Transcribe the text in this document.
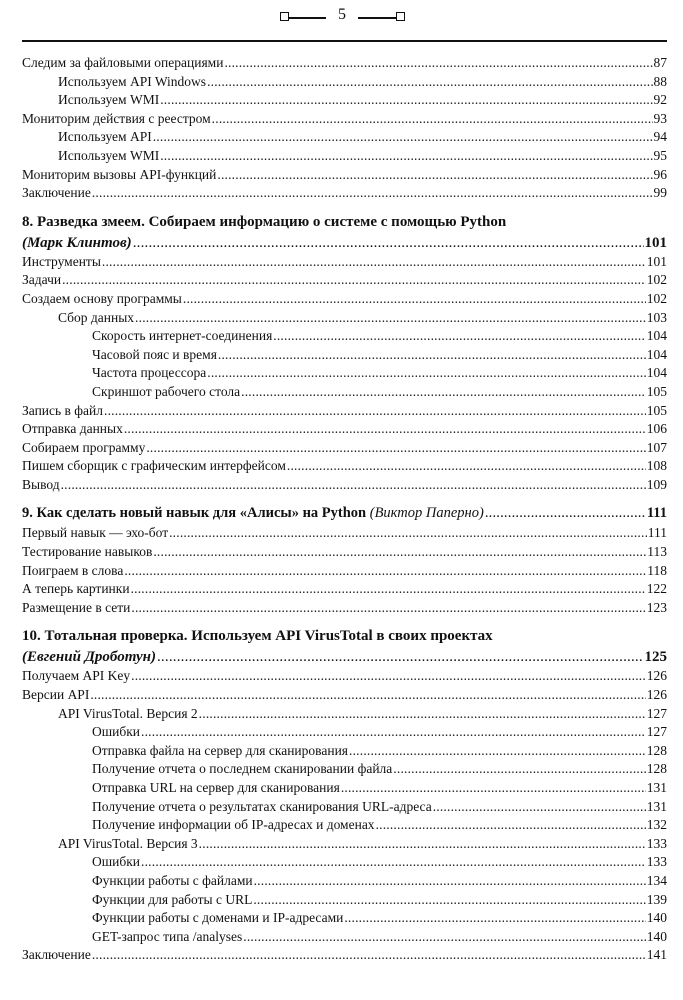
5
Следим за файловыми операциями .....	87
Используем API Windows .....	88
Используем WMI .....	92
Мониторим действия с реестром .....	93
Используем API .....	94
Используем WMI .....	95
Мониторим вызовы API-функций .....	96
Заключение .....	99
8. Разведка змеем. Собираем информацию о системе с помощью Python
(Марк Клинтов) .....	101
Инструменты .....	101
Задачи .....	102
Создаем основу программы .....	102
Сбор данных .....	103
Скорость интернет-соединения .....	104
Часовой пояс и время .....	104
Частота процессора .....	104
Скриншот рабочего стола .....	105
Запись в файл .....	105
Отправка данных .....	106
Собираем программу .....	107
Пишем сборщик с графическим интерфейсом .....	108
Вывод .....	109
9. Как сделать новый навык для «Алисы» на Python
(Виктор Паперно) .....	111
Первый навык — эхо-бот .....	111
Тестирование навыков .....	113
Поиграем в слова .....	118
А теперь картинки .....	122
Размещение в сети .....	123
10. Тотальная проверка. Используем API VirusTotal в своих проектах
(Евгений Дроботун) .....	125
Получаем API Key .....	126
Версии API .....	126
API VirusTotal. Версия 2 .....	127
Ошибки .....	127
Отправка файла на сервер для сканирования .....	128
Получение отчета о последнем сканировании файла .....	128
Отправка URL на сервер для сканирования .....	131
Получение отчета о результатах сканирования URL-адреса .....	131
Получение информации об IP-адресах и доменах .....	132
API VirusTotal. Версия 3 .....	133
Ошибки .....	133
Функции работы с файлами .....	134
Функции для работы с URL .....	139
Функции работы с доменами и IP-адресами .....	140
GET-запрос типа /analyses .....	140
Заключение .....	141
